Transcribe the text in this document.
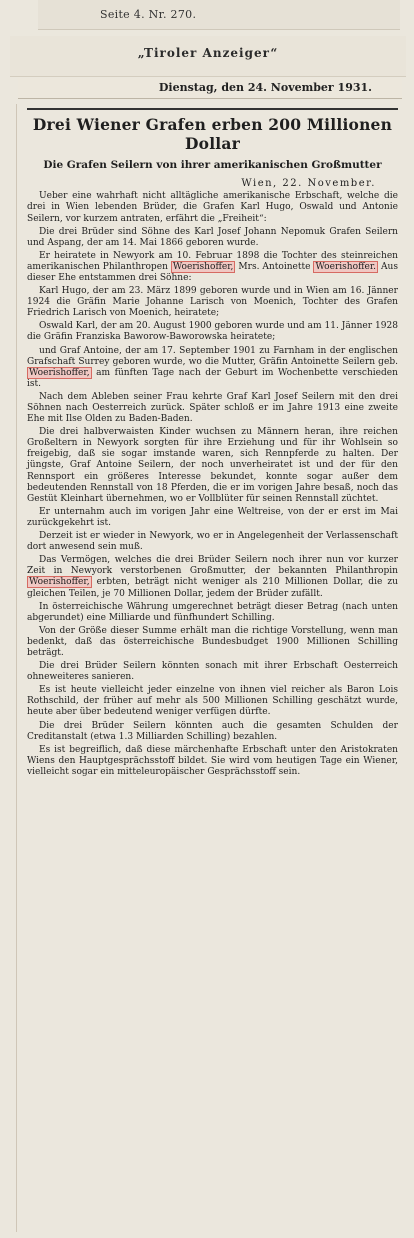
Seite 4. Nr. 270.
„Tiroler Anzeiger“
Dienstag, den 24. November 1931.
Drei Wiener Grafen erben 200 Millionen Dollar
Die Grafen Seilern von ihrer amerikanischen Großmutter
Wien, 22. November.

Ueber eine wahrhaft nicht alltägliche amerikanische Erbschaft, welche die drei in Wien lebenden Brüder, die Grafen Karl Hugo, Oswald und Antonie Seilern, vor kurzem antraten, erfährt die „Freiheit“:

Die drei Brüder sind Söhne des Karl Josef Johann Nepomuk Grafen Seilern und Aspang, der am 14. Mai 1866 geboren wurde.

Er heiratete in Newyork am 10. Februar 1898 die Tochter des steinreichen amerikanischen Philanthropen Woerishoffer, Mrs. Antoinette Woerishoffer. Aus dieser Ehe entstammen drei Söhne:

Karl Hugo, der am 23. März 1899 geboren wurde und in Wien am 16. Jänner 1924 die Gräfin Marie Johanne Larisch von Moenich, Tochter des Grafen Friedrich Larisch von Moenich, heiratete;

Oswald Karl, der am 20. August 1900 geboren wurde und am 11. Jänner 1928 die Gräfin Franziska Baworow-Baworowska heiratete;

und Graf Antoine, der am 17. September 1901 zu Farnham in der englischen Grafschaft Surrey geboren wurde, wo die Mutter, Gräfin Antoinette Seilern geb. Woerishoffer, am fünften Tage nach der Geburt im Wochenbette verschieden ist.

Nach dem Ableben seiner Frau kehrte Graf Karl Josef Seilern mit den drei Söhnen nach Oesterreich zurück. Später schloß er im Jahre 1913 eine zweite Ehe mit Ilse Olden zu Baden-Baden.

Die drei halbverwaisten Kinder wuchsen zu Männern heran, ihre reichen Großeltern in Newyork sorgten für ihre Erziehung und für ihr Wohlsein so freigebig, daß sie sogar imstande waren, sich Rennpferde zu halten. Der jüngste, Graf Antoine Seilern, der noch unverheiratet ist und der für den Rennsport ein größeres Interesse bekundet, konnte sogar außer dem bedeutenden Rennstall von 18 Pferden, die er im vorigen Jahre besaß, noch das Gestüt Kleinhart übernehmen, wo er Vollblüter für seinen Rennstall züchtet.

Er unternahm auch im vorigen Jahr eine Weltreise, von der er erst im Mai zurückgekehrt ist.

Derzeit ist er wieder in Newyork, wo er in Angelegenheit der Verlassenschaft dort anwesend sein muß.

Das Vermögen, welches die drei Brüder Seilern noch ihrer nun vor kurzer Zeit in Newyork verstorbenen Großmutter, der bekannten Philanthropin Woerishoffer, erbten, beträgt nicht weniger als 210 Millionen Dollar, die zu gleichen Teilen, je 70 Millionen Dollar, jedem der Brüder zufällt.

In österreichische Währung umgerechnet beträgt dieser Betrag (nach unten abgerundet) eine Milliarde und fünfhundert Schilling.

Von der Größe dieser Summe erhält man die richtige Vorstellung, wenn man bedenkt, daß das österreichische Bundesbudget 1900 Millionen Schilling beträgt.

Die drei Brüder Seilern könnten sonach mit ihrer Erbschaft Oesterreich ohneweiteres sanieren.

Es ist heute vielleicht jeder einzelne von ihnen viel reicher als Baron Lois Rothschild, der früher auf mehr als 500 Millionen Schilling geschätzt wurde, heute aber über bedeutend weniger verfügen dürfte.

Die drei Brüder Seilern könnten auch die gesamten Schulden der Creditanstalt (etwa 1.3 Milliarden Schilling) bezahlen.

Es ist begreiflich, daß diese märchenhafte Erbschaft unter den Aristokraten Wiens den Hauptgesprächsstoff bildet. Sie wird vom heutigen Tage ein Wiener, vielleicht sogar ein mitteleuropäischer Gesprächsstoff sein.
